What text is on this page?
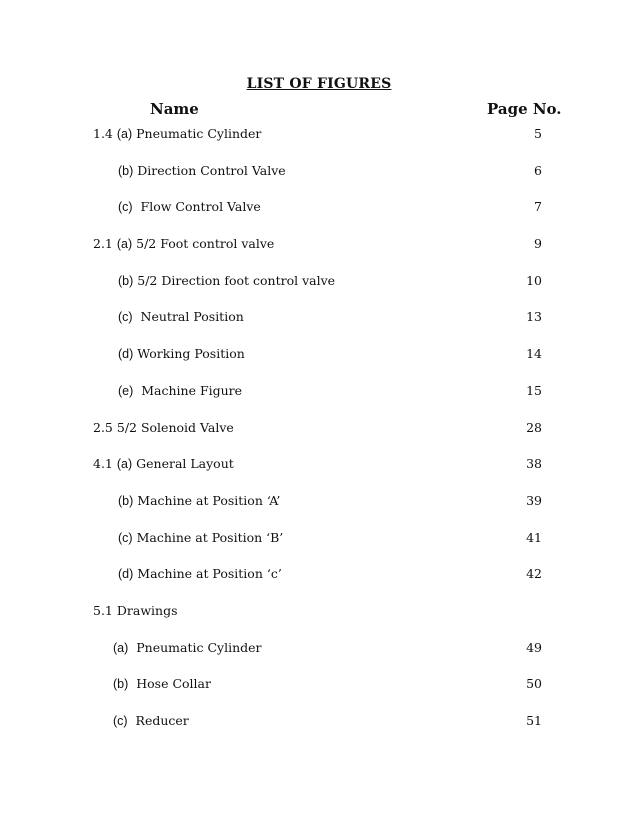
LIST OF FIGURES
Name	Page No.
1.4 (a) Pneumatic Cylinder	5
(b) Direction Control Valve	6
(c)  Flow Control Valve	7
2.1 (a) 5/2 Foot control valve	9
(b) 5/2 Direction foot control valve	10
(c)  Neutral Position	13
(d) Working Position	14
(e)  Machine Figure	15
2.5 5/2 Solenoid Valve	28
4.1 (a) General Layout	38
(b) Machine at Position ‘A’	39
(c) Machine at Position ‘B’	41
(d) Machine at Position ‘c’	42
5.1 Drawings
(a)  Pneumatic Cylinder	49
(b)  Hose Collar	50
(c)  Reducer	51
